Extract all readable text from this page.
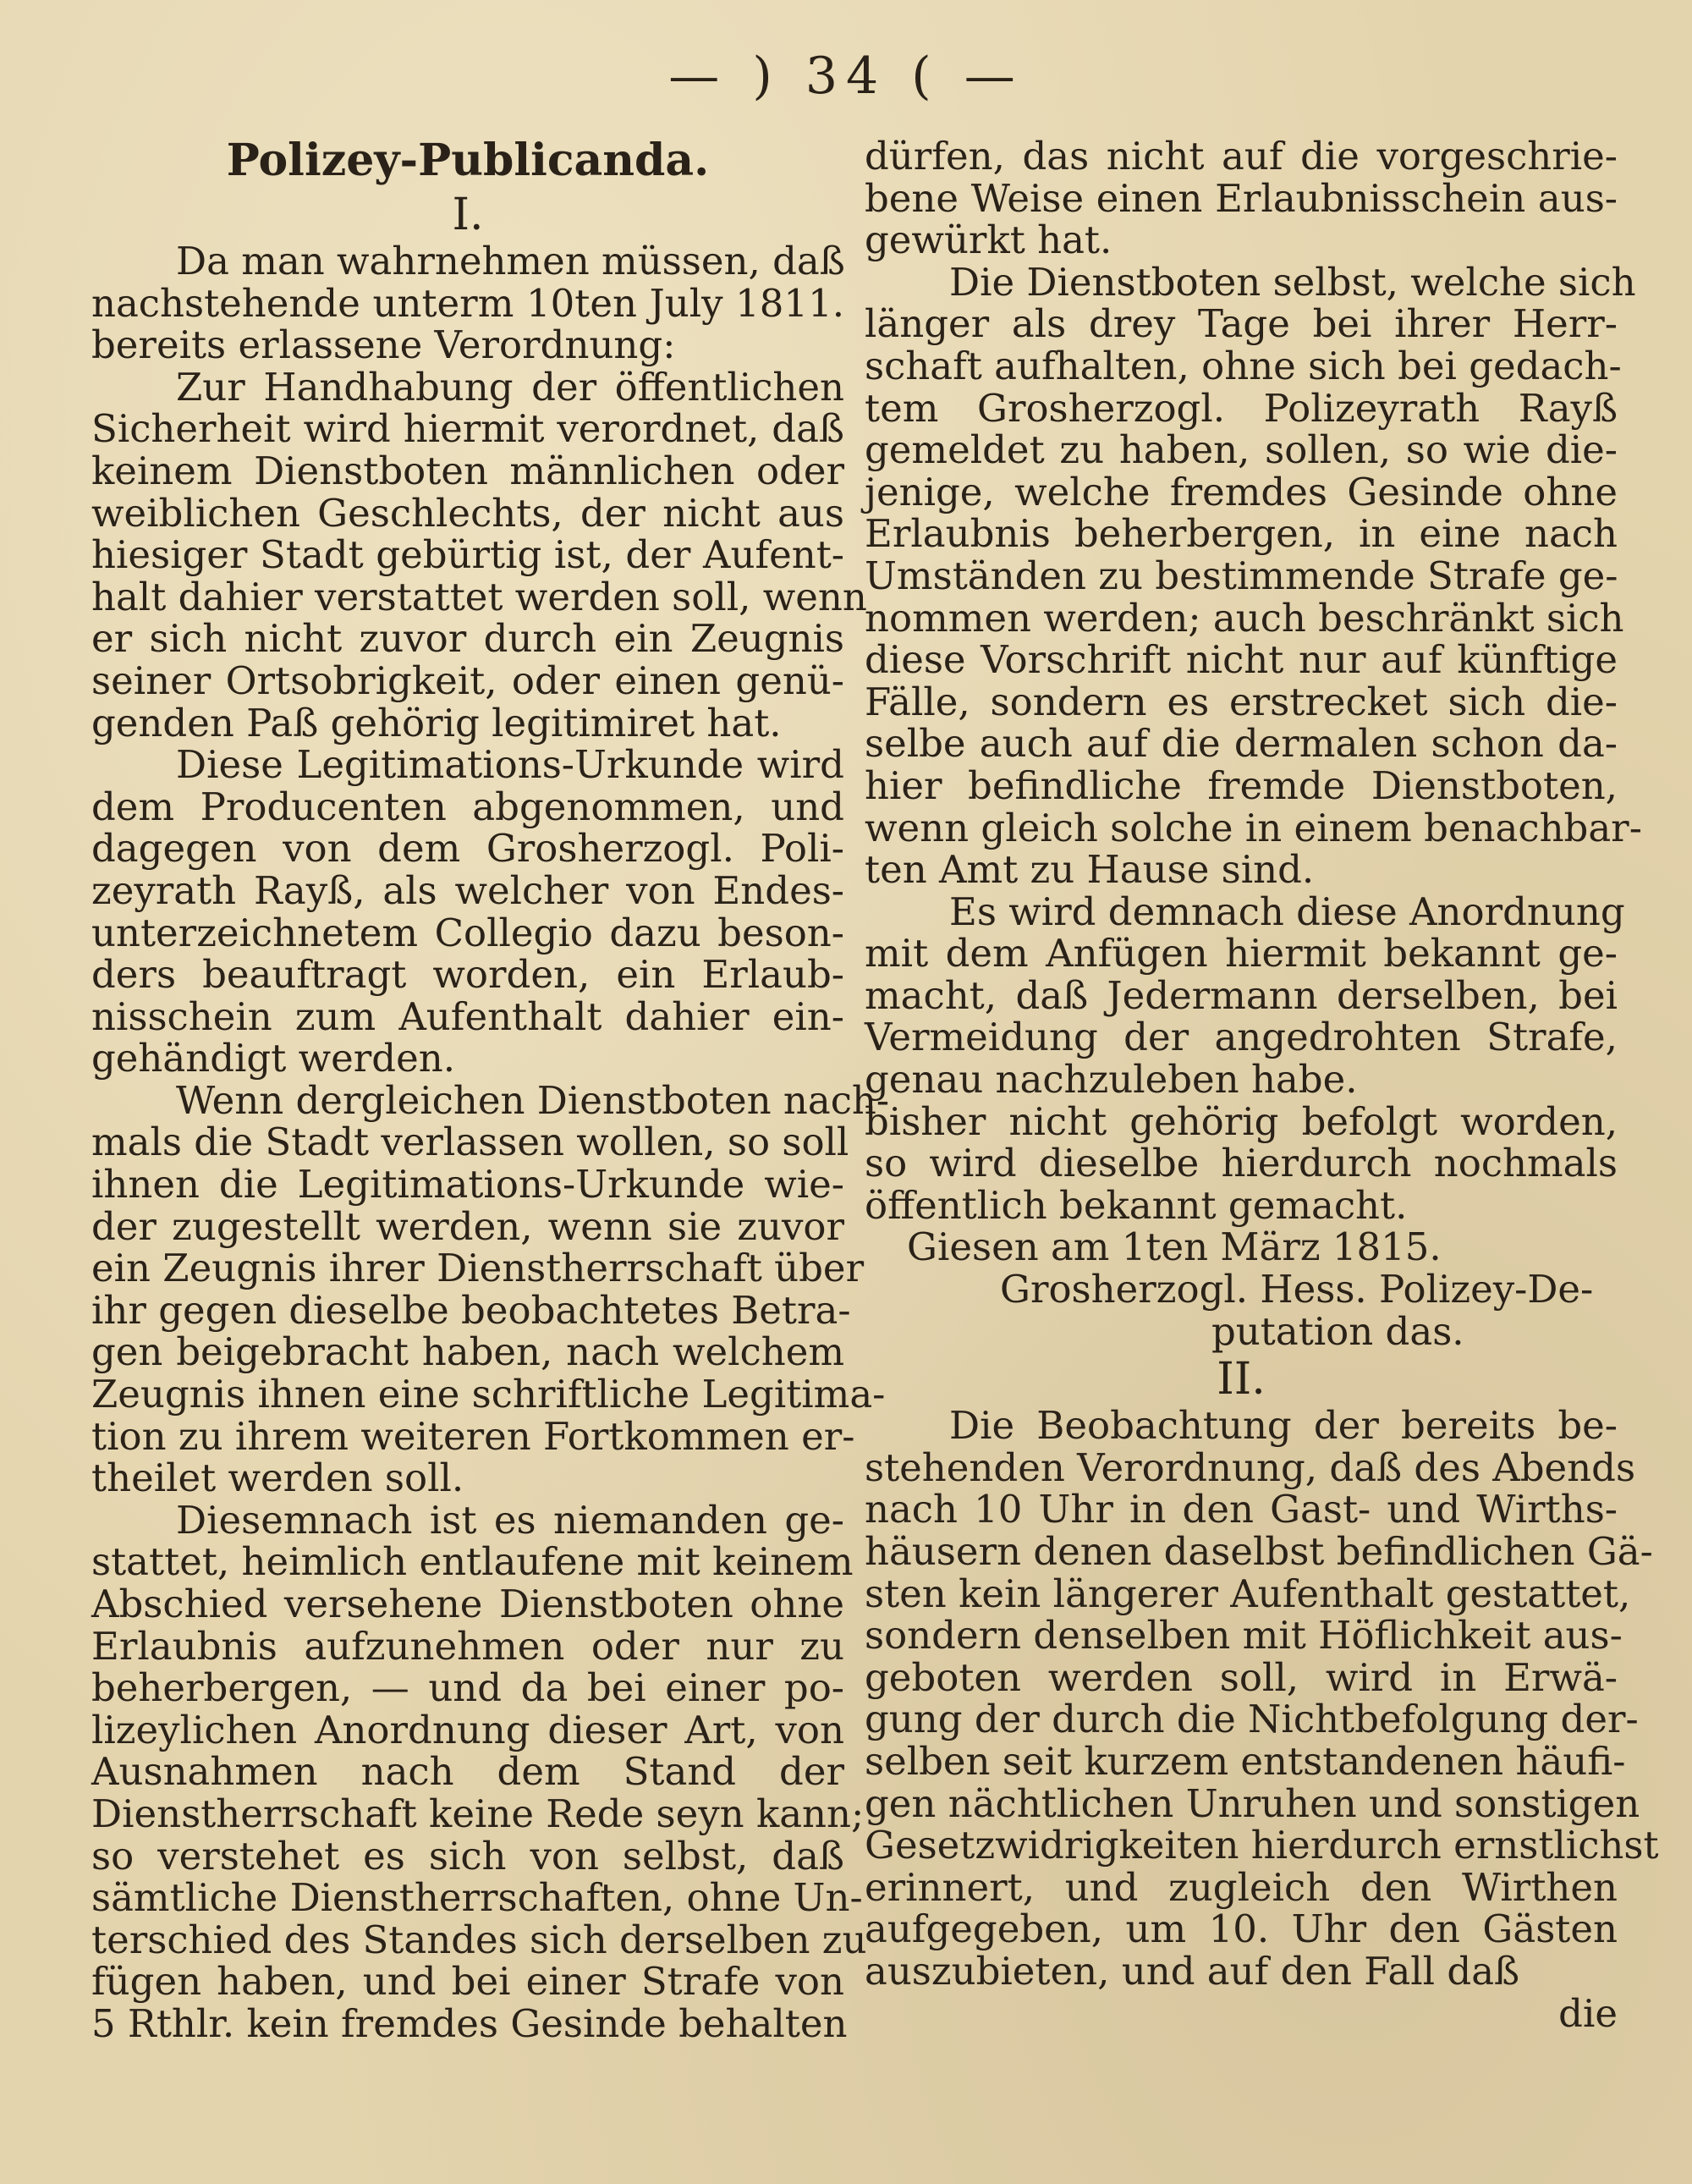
— ) 34 ( —
Polizey-Publicanda.
I.
Da man wahrnehmen müssen, daß
nachstehende unterm 10ten July 1811.
bereits erlassene Verordnung:
Zur Handhabung der öffentlichen
Sicherheit wird hiermit verordnet, daß
keinem Dienstboten männlichen oder
weiblichen Geschlechts, der nicht aus
hiesiger Stadt gebürtig ist, der Aufent-
halt dahier verstattet werden soll, wenn
er sich nicht zuvor durch ein Zeugnis
seiner Ortsobrigkeit, oder einen genü-
genden Paß gehörig legitimiret hat.
Diese Legitimations-Urkunde wird
dem Producenten abgenommen, und
dagegen von dem Grosherzogl. Poli-
zeyrath Rayß, als welcher von Endes-
unterzeichnetem Collegio dazu beson-
ders beauftragt worden, ein Erlaub-
nisschein zum Aufenthalt dahier ein-
gehändigt werden.
Wenn dergleichen Dienstboten nach-
mals die Stadt verlassen wollen, so soll
ihnen die Legitimations-Urkunde wie-
der zugestellt werden, wenn sie zuvor
ein Zeugnis ihrer Dienstherrschaft über
ihr gegen dieselbe beobachtetes Betra-
gen beigebracht haben, nach welchem
Zeugnis ihnen eine schriftliche Legitima-
tion zu ihrem weiteren Fortkommen er-
theilet werden soll.
Diesemnach ist es niemanden ge-
stattet, heimlich entlaufene mit keinem
Abschied versehene Dienstboten ohne
Erlaubnis aufzunehmen oder nur zu
beherbergen, — und da bei einer po-
lizeylichen Anordnung dieser Art, von
Ausnahmen nach dem Stand der
Dienstherrschaft keine Rede seyn kann;
so verstehet es sich von selbst, daß
sämtliche Dienstherrschaften, ohne Un-
terschied des Standes sich derselben zu
fügen haben, und bei einer Strafe von
5 Rthlr. kein fremdes Gesinde behalten
dürfen, das nicht auf die vorgeschrie-
bene Weise einen Erlaubnisschein aus-
gewürkt hat.
Die Dienstboten selbst, welche sich
länger als drey Tage bei ihrer Herr-
schaft aufhalten, ohne sich bei gedach-
tem Grosherzogl. Polizeyrath Rayß
gemeldet zu haben, sollen, so wie die-
jenige, welche fremdes Gesinde ohne
Erlaubnis beherbergen, in eine nach
Umständen zu bestimmende Strafe ge-
nommen werden; auch beschränkt sich
diese Vorschrift nicht nur auf künftige
Fälle, sondern es erstrecket sich die-
selbe auch auf die dermalen schon da-
hier befindliche fremde Dienstboten,
wenn gleich solche in einem benachbar-
ten Amt zu Hause sind.
Es wird demnach diese Anordnung
mit dem Anfügen hiermit bekannt ge-
macht, daß Jedermann derselben, bei
Vermeidung der angedrohten Strafe,
genau nachzuleben habe.
bisher nicht gehörig befolgt worden,
so wird dieselbe hierdurch nochmals
öffentlich bekannt gemacht.
Giesen am 1ten März 1815.
Grosherzogl. Hess. Polizey-De-
putation das.
II.
Die Beobachtung der bereits be-
stehenden Verordnung, daß des Abends
nach 10 Uhr in den Gast- und Wirths-
häusern denen daselbst befindlichen Gä-
sten kein längerer Aufenthalt gestattet,
sondern denselben mit Höflichkeit aus-
geboten werden soll, wird in Erwä-
gung der durch die Nichtbefolgung der-
selben seit kurzem entstandenen häufi-
gen nächtlichen Unruhen und sonstigen
Gesetzwidrigkeiten hierdurch ernstlichst
erinnert, und zugleich den Wirthen
aufgegeben, um 10. Uhr den Gästen
auszubieten, und auf den Fall daß
die
